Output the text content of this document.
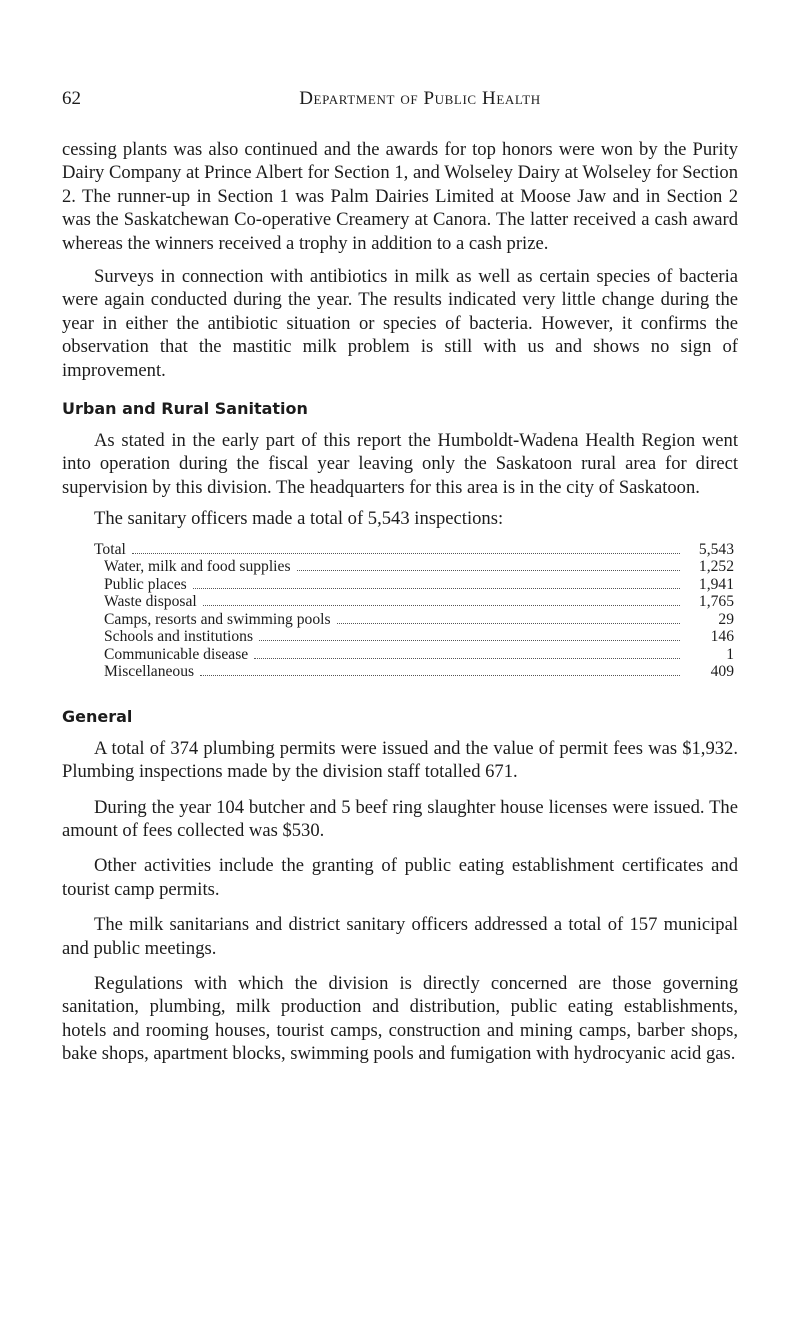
62	Department of Public Health

cessing plants was also continued and the awards for top honors were won by the Purity Dairy Company at Prince Albert for Section 1, and Wolseley Dairy at Wolseley for Section 2. The runner-up in Section 1 was Palm Dairies Limited at Moose Jaw and in Section 2 was the Saskatchewan Co-operative Creamery at Canora. The latter received a cash award whereas the winners received a trophy in addition to a cash prize.

Surveys in connection with antibiotics in milk as well as certain species of bacteria were again conducted during the year. The results indicated very little change during the year in either the antibiotic situation or species of bacteria. However, it confirms the observation that the mastitic milk problem is still with us and shows no sign of improvement.

Urban and Rural Sanitation

As stated in the early part of this report the Humboldt-Wadena Health Region went into operation during the fiscal year leaving only the Saskatoon rural area for direct supervision by this division. The headquarters for this area is in the city of Saskatoon.

The sanitary officers made a total of 5,543 inspections:

Total	5,543

Water, milk and food supplies	1,252

Public places	1,941

Waste disposal	1,765

Camps, resorts and swimming pools	29

Schools and institutions	146

Communicable disease	1

Miscellaneous	409
General

A total of 374 plumbing permits were issued and the value of permit fees was $1,932. Plumbing inspections made by the division staff totalled 671.

During the year 104 butcher and 5 beef ring slaughter house licenses were issued. The amount of fees collected was $530.

Other activities include the granting of public eating establishment certificates and tourist camp permits.

The milk sanitarians and district sanitary officers addressed a total of 157 municipal and public meetings.

Regulations with which the division is directly concerned are those governing sanitation, plumbing, milk production and distribution, public eating establishments, hotels and rooming houses, tourist camps, construction and mining camps, barber shops, bake shops, apartment blocks, swimming pools and fumigation with hydrocyanic acid gas.
